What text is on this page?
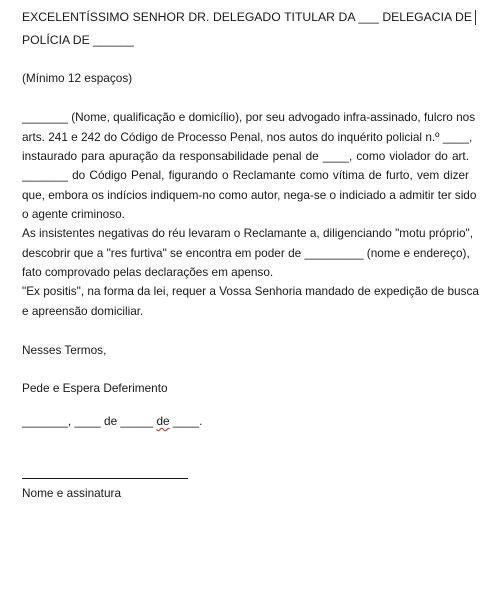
EXCELENTÍSSIMO SENHOR DR. DELEGADO TITULAR DA ___ DELEGACIA DE
POLÍCIA DE ______
(Mínimo 12 espaços)
_______ (Nome, qualificação e domicílio), por seu advogado infra-assinado, fulcro nos
arts. 241 e 242 do Código de Processo Penal, nos autos do inquérito policial n.º ____,
instaurado para apuração da responsabilidade penal de ____, como violador do art.
_______ do Código Penal, figurando o Reclamante como vítima de furto, vem dizer
que, embora os indícios indiquem-no como autor, nega-se o indiciado a admitir ter sido
o agente criminoso.
As insistentes negativas do réu levaram o Reclamante a, diligenciando "motu próprio",
descobrir que a "res furtiva" se encontra em poder de _________ (nome e endereço),
fato comprovado pelas declarações em apenso.
"Ex positis", na forma da lei, requer a Vossa Senhoria mandado de expedição de busca
e apreensão domiciliar.
Nesses Termos,
Pede e Espera Deferimento
_______, ____ de _____ de ____.
Nome e assinatura
